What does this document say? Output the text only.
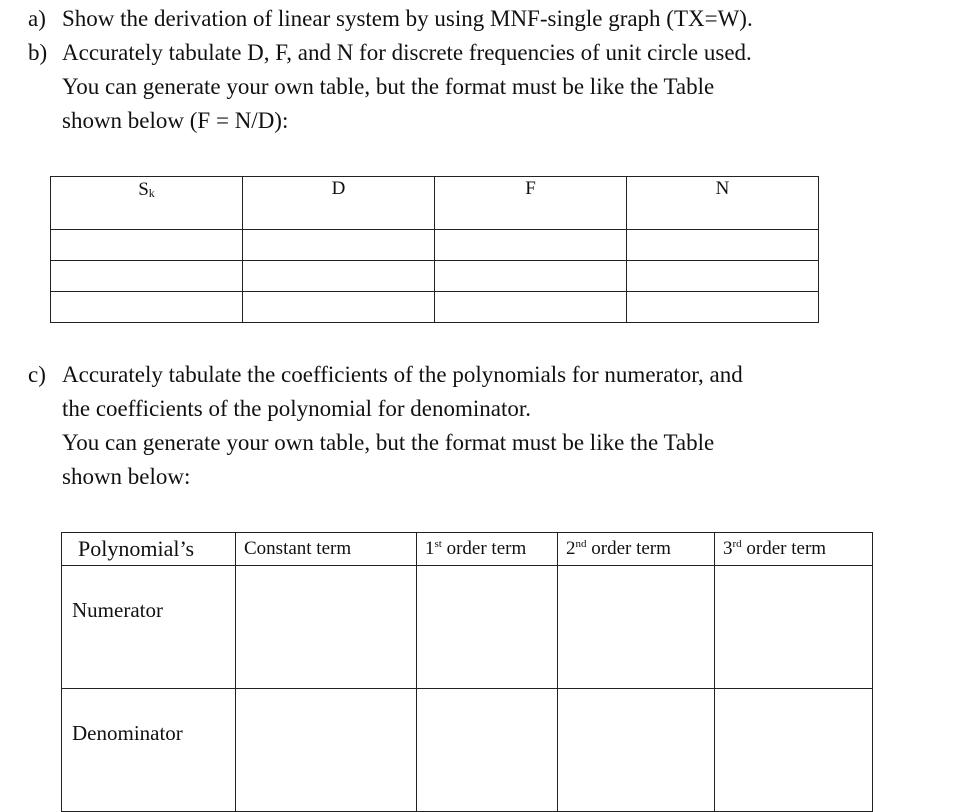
a) Show the derivation of linear system by using MNF-single graph (TX=W).
b) Accurately tabulate D, F, and N for discrete frequencies of unit circle used.
You can generate your own table, but the format must be like the Table
shown below (F = N/D):
Sk	D	F	N

c) Accurately tabulate the coefficients of the polynomials for numerator, and
the coefficients of the polynomial for denominator.
You can generate your own table, but the format must be like the Table
shown below:
Polynomial’s	Constant term	1st order term	2nd order term	3rd order term
Numerator				
Denominator				
